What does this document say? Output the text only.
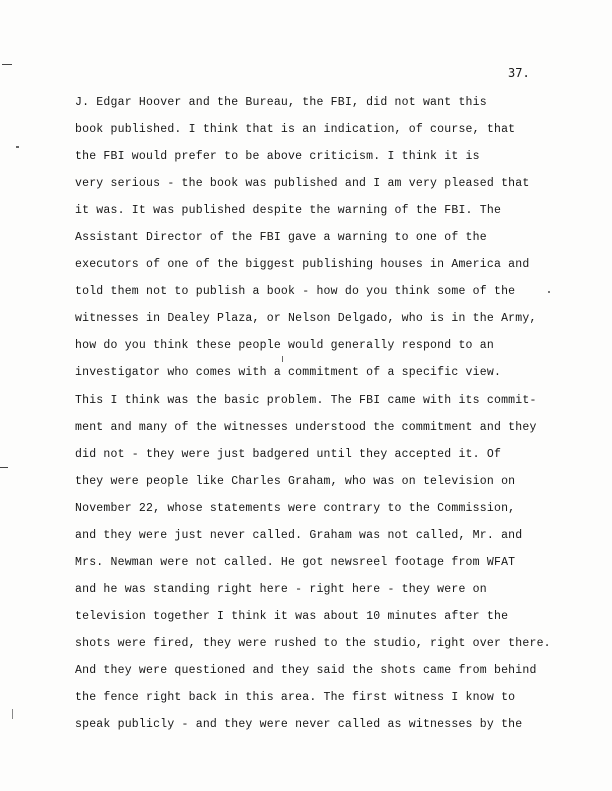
37.
J. Edgar Hoover and the Bureau, the FBI, did not want this
book published. I think that is an indication, of course, that
the FBI would prefer to be above criticism. I think it is
very serious - the book was published and I am very pleased that
it was. It was published despite the warning of the FBI. The
Assistant Director of the FBI gave a warning to one of the
executors of one of the biggest publishing houses in America and
told them not to publish a book - how do you think some of the
witnesses in Dealey Plaza, or Nelson Delgado, who is in the Army,
how do you think these people would generally respond to an
investigator who comes with a commitment of a specific view.
This I think was the basic problem. The FBI came with its commit-
ment and many of the witnesses understood the commitment and they
did not - they were just badgered until they accepted it. Of
they were people like Charles Graham, who was on television on
November 22, whose statements were contrary to the Commission,
and they were just never called. Graham was not called, Mr. and
Mrs. Newman were not called. He got newsreel footage from WFAT
and he was standing right here - right here - they were on
television together I think it was about 10 minutes after the
shots were fired, they were rushed to the studio, right over there.
And they were questioned and they said the shots came from behind
the fence right back in this area. The first witness I know to
speak publicly - and they were never called as witnesses by the
